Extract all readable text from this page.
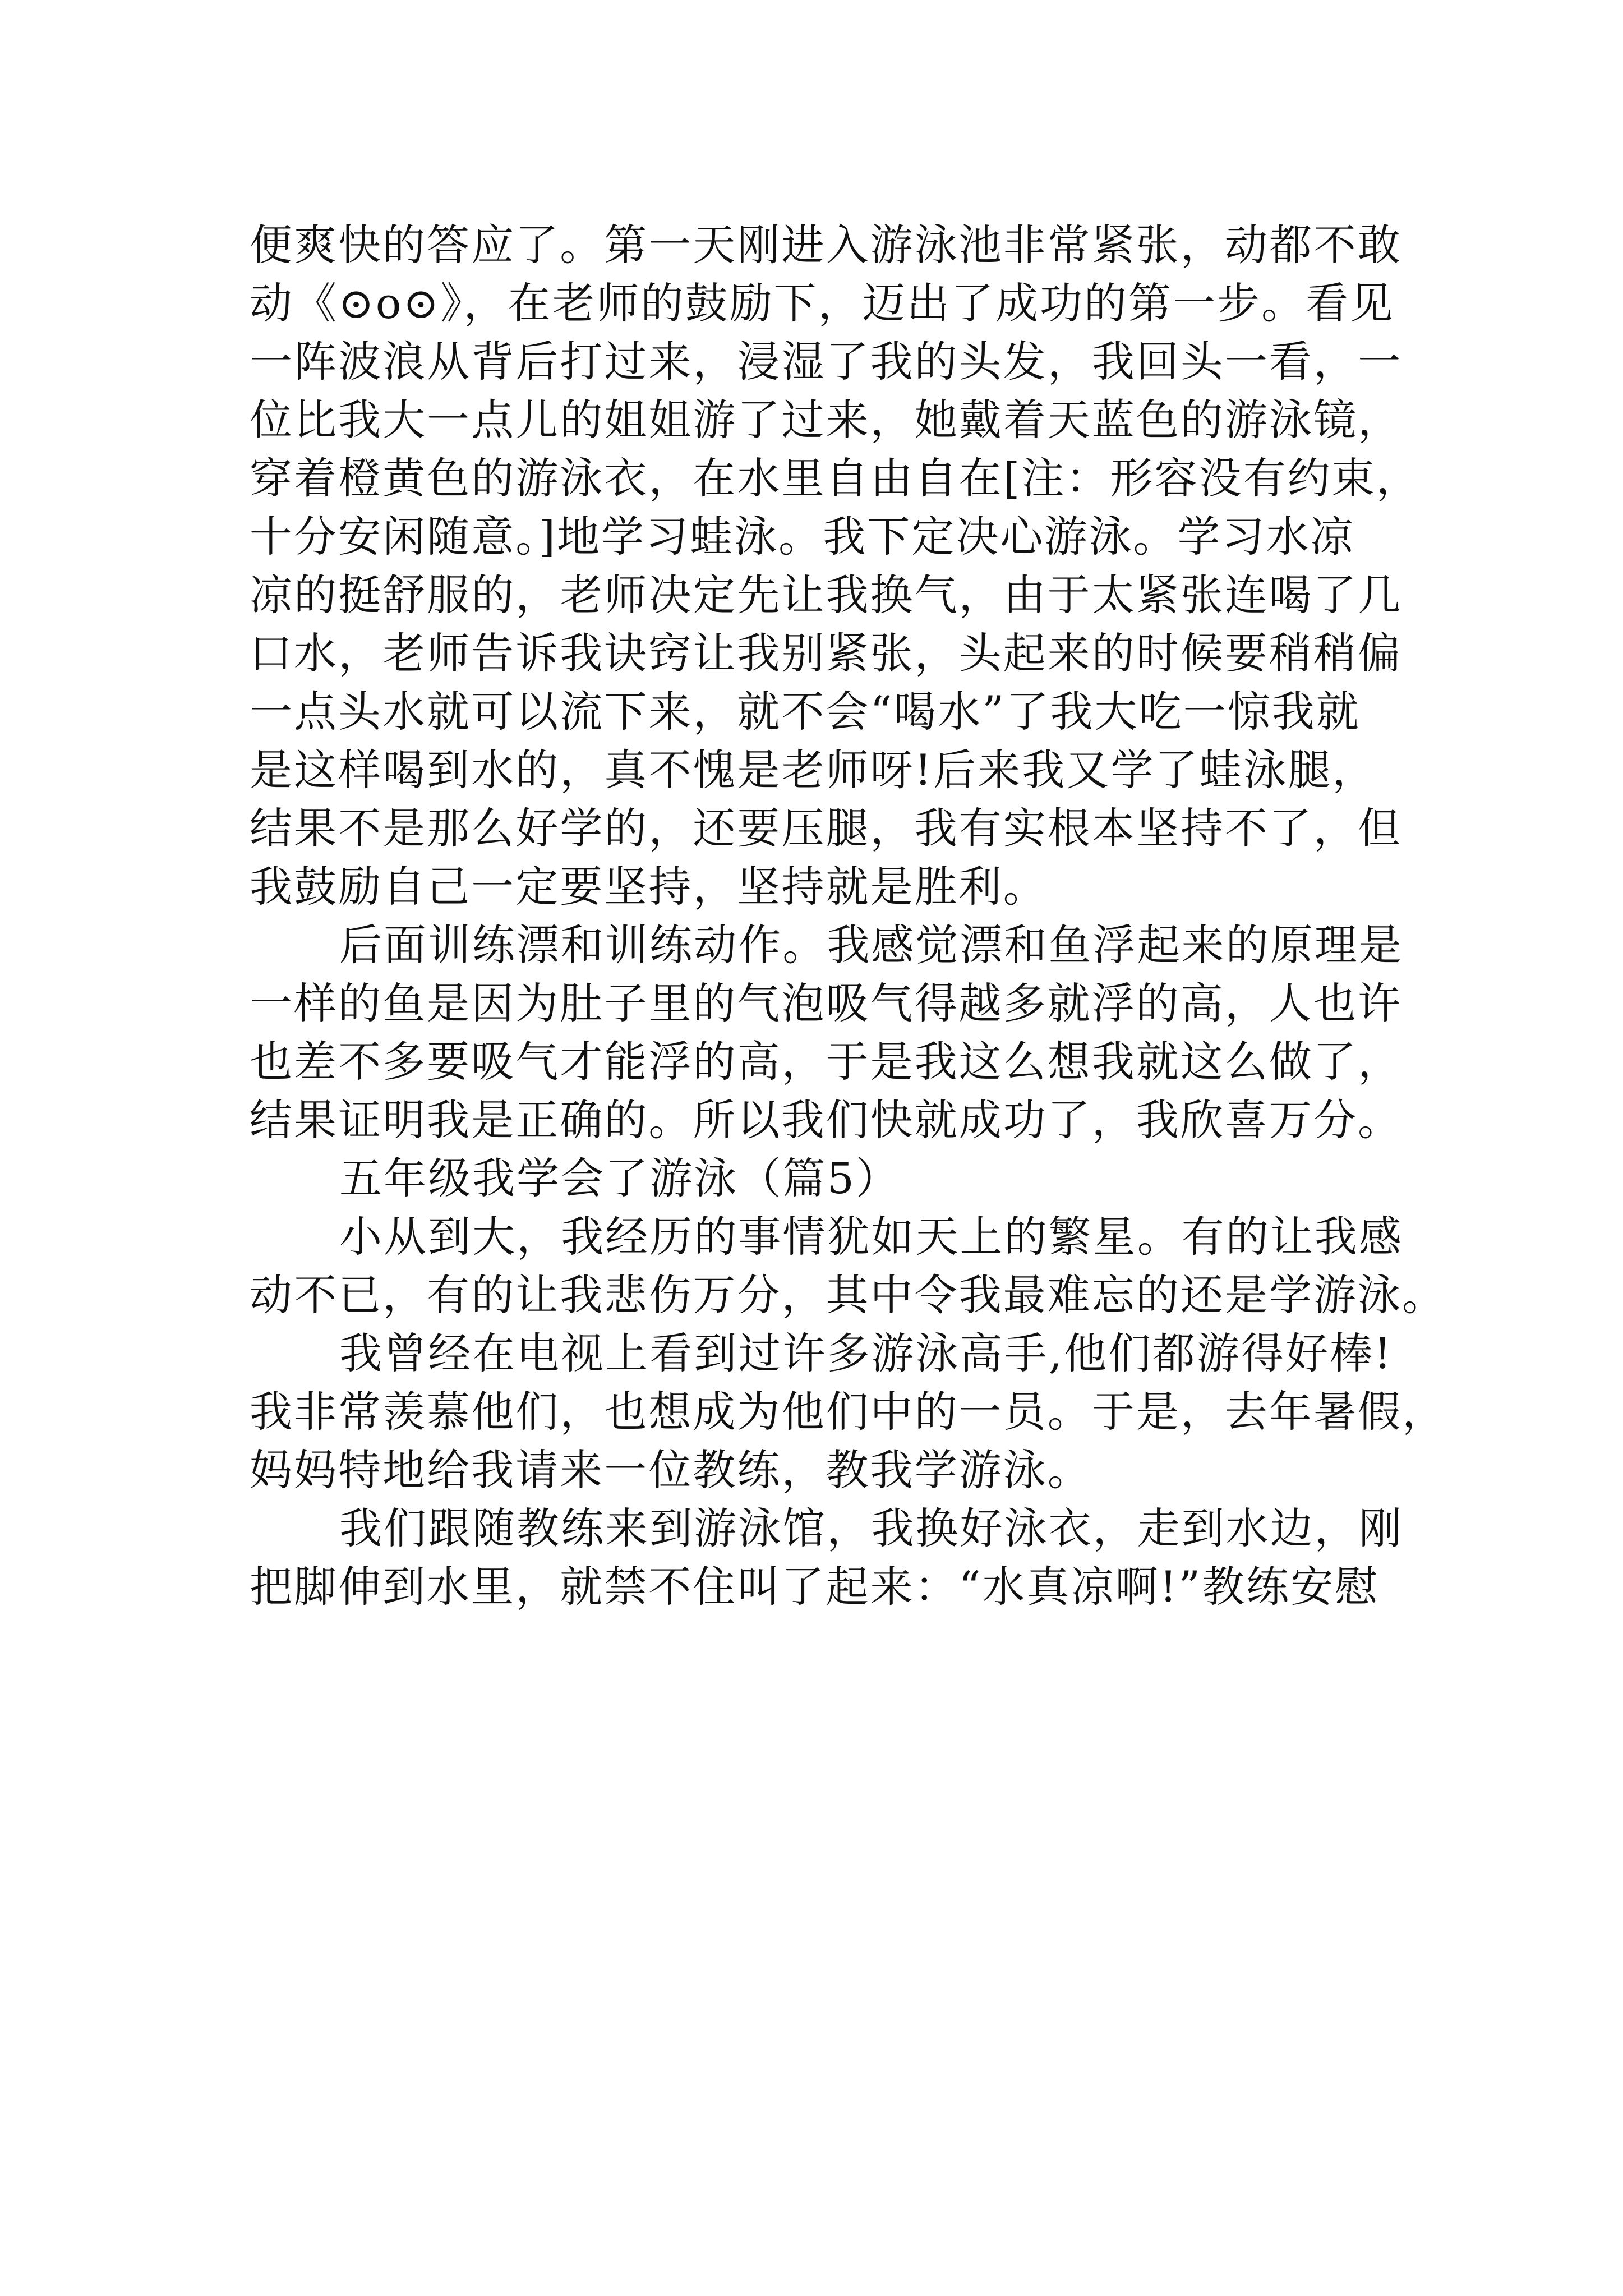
便爽快的答应了。第一天刚进入游泳池非常紧张，动都不敢
动《⊙o⊙》，在老师的鼓励下，迈出了成功的第一步。看见
一阵波浪从背后打过来，浸湿了我的头发，我回头一看，一
位比我大一点儿的姐姐游了过来，她戴着天蓝色的游泳镜，
穿着橙黄色的游泳衣，在水里自由自在[注：形容没有约束，
十分安闲随意。]地学习蛙泳。我下定决心游泳。学习水凉
凉的挺舒服的，老师决定先让我换气，由于太紧张连喝了几
口水，老师告诉我诀窍让我别紧张，头起来的时候要稍稍偏
一点头水就可以流下来，就不会“喝水”了我大吃一惊我就
是这样喝到水的，真不愧是老师呀!后来我又学了蛙泳腿，
结果不是那么好学的，还要压腿，我有实根本坚持不了，但
我鼓励自己一定要坚持，坚持就是胜利。
后面训练漂和训练动作。我感觉漂和鱼浮起来的原理是
一样的鱼是因为肚子里的气泡吸气得越多就浮的高，人也许
也差不多要吸气才能浮的高，于是我这么想我就这么做了，
结果证明我是正确的。所以我们快就成功了，我欣喜万分。
五年级我学会了游泳（篇5）
小从到大，我经历的事情犹如天上的繁星。有的让我感
动不已，有的让我悲伤万分，其中令我最难忘的还是学游泳。
我曾经在电视上看到过许多游泳高手,他们都游得好棒!
我非常羡慕他们，也想成为他们中的一员。于是，去年暑假，
妈妈特地给我请来一位教练，教我学游泳。
我们跟随教练来到游泳馆，我换好泳衣，走到水边，刚
把脚伸到水里，就禁不住叫了起来：“水真凉啊!”教练安慰
